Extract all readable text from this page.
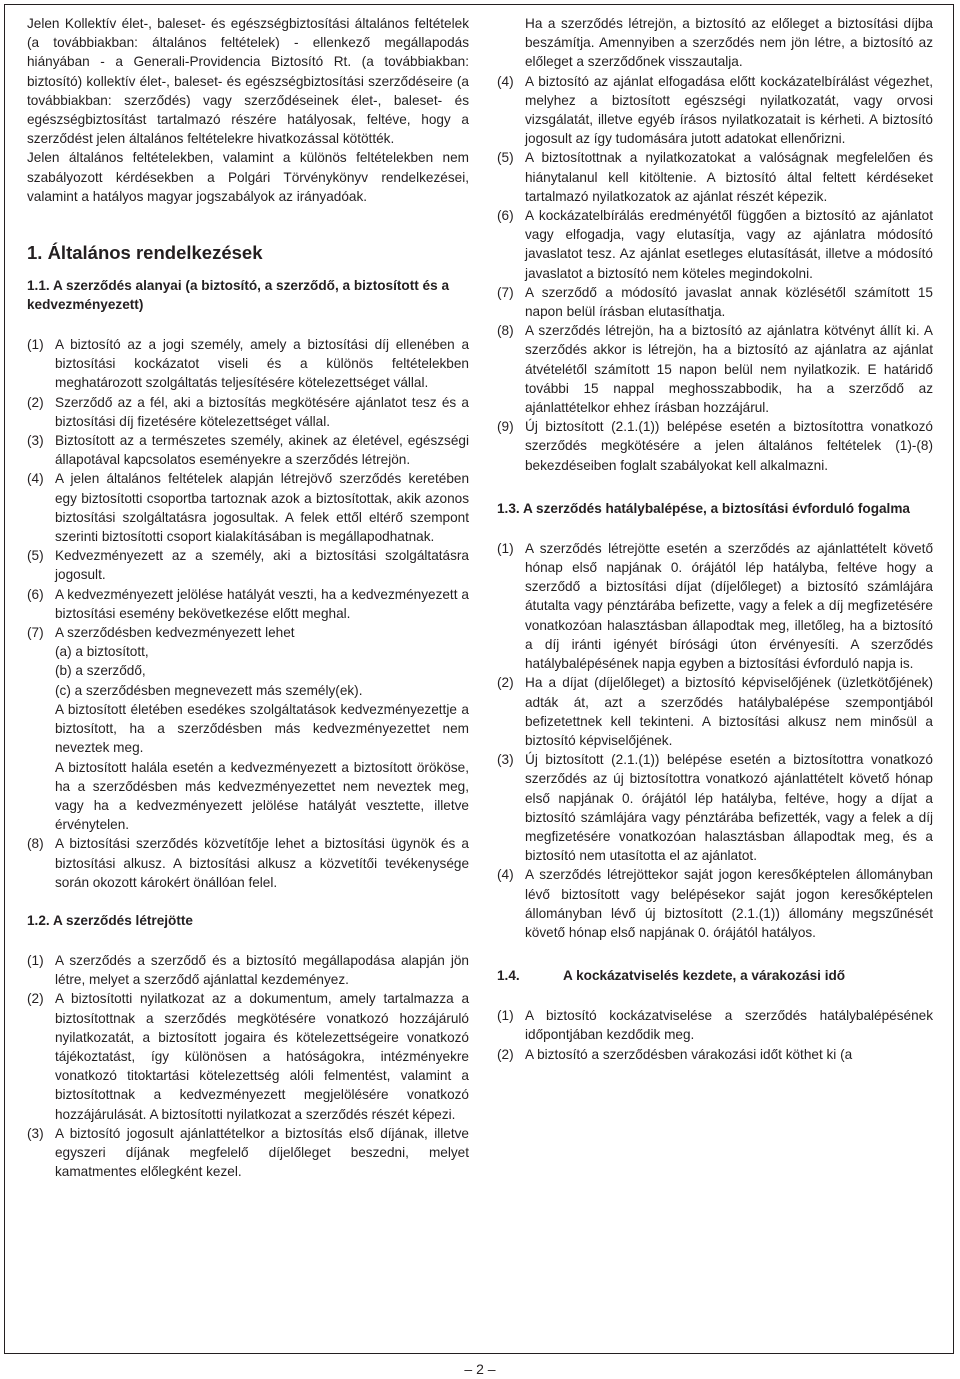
Jelen Kollektív élet-, baleset- és egészségbiztosítási általános feltételek (a továbbiakban: általános feltételek) - ellenkező megállapodás hiányában - a Generali-Providencia Biztosító Rt. (a továbbiakban: biztosító) kollektív élet-, baleset- és egészségbiztosítási szerződéseire (a továbbiakban: szerződés) vagy szerződéseinek élet-, baleset- és egészségbiztosítást tartalmazó részére hatályosak, feltéve, hogy a szerződést jelen általános feltételekre hivatkozással kötötték.

Jelen általános feltételekben, valamint a különös feltételekben nem szabályozott kérdésekben a Polgári Törvénykönyv rendelkezései, valamint a hatályos magyar jogszabályok az irányadóak.

1. Általános rendelkezések
1.1. A szerződés alanyai (a biztosító, a szerződő, a biztosított és a kedvezményezett)
(1) A biztosító az a jogi személy, amely a biztosítási díj ellenében a biztosítási kockázatot viseli és a különös feltételekben meghatározott szolgáltatás teljesítésére kötelezettséget vállal.
(2) Szerződő az a fél, aki a biztosítás megkötésére ajánlatot tesz és a biztosítási díj fizetésére kötelezettséget vállal.
(3) Biztosított az a természetes személy, akinek az életével, egészségi állapotával kapcsolatos eseményekre a szerződés létrejön.
(4) A jelen általános feltételek alapján létrejövő szerződés keretében egy biztosítotti csoportba tartoznak azok a biztosítottak, akik azonos biztosítási szolgáltatásra jogosultak. A felek ettől eltérő szempont szerinti biztosítotti csoport kialakításában is megállapodhatnak.
(5) Kedvezményezett az a személy, aki a biztosítási szolgáltatásra jogosult.
(6) A kedvezményezett jelölése hatályát veszti, ha a kedvezményezett a biztosítási esemény bekövetkezése előtt meghal.
(7) A szerződésben kedvezményezett lehet

(a) a biztosított,

(b) a szerződő,

(c) a szerződésben megnevezett más személy(ek).

A biztosított életében esedékes szolgáltatások kedvezményezettje a biztosított, ha a szerződésben más kedvezményezettet nem neveztek meg.

A biztosított halála esetén a kedvezményezett a biztosított örököse, ha a szerződésben más kedvezményezettet nem neveztek meg, vagy ha a kedvezményezett jelölése hatályát vesztette, illetve érvénytelen.

(8) A biztosítási szerződés közvetítője lehet a biztosítási ügynök és a biztosítási alkusz. A biztosítási alkusz a közvetítői tevékenysége során okozott károkért önállóan felel.
1.2. A szerződés létrejötte
(1) A szerződés a szerződő és a biztosító megállapodása alapján jön létre, melyet a szerződő ajánlattal kezdeményez.
(2) A biztosítotti nyilatkozat az a dokumentum, amely tartalmazza a biztosítottnak a szerződés megkötésére vonatkozó hozzájáruló nyilatkozatát, a biztosított jogaira és kötelezettségeire vonatkozó tájékoztatást, így különösen a hatóságokra, intézményekre vonatkozó titoktartási kötelezettség alóli felmentést, valamint a biztosítottnak a kedvezményezett megjelölésére vonatkozó hozzájárulását. A biztosítotti nyilatkozat a szerződés részét képezi.
(3) A biztosító jogosult ajánlattételkor a biztosítás első díjának, illetve egyszeri díjának megfelelő díjelőleget beszedni, melyet kamatmentes előlegként kezel.

Ha a szerződés létrejön, a biztosító az előleget a biztosítási díjba beszámítja. Amennyiben a szerződés nem jön létre, a biztosító az előleget a szerződőnek visszautalja.

(4) A biztosító az ajánlat elfogadása előtt kockázatelbírálást végezhet, melyhez a biztosított egészségi nyilatkozatát, vagy orvosi vizsgálatát, illetve egyéb írásos nyilatkozatait is kérheti. A biztosító jogosult az így tudomására jutott adatokat ellenőrizni.
(5) A biztosítottnak a nyilatkozatokat a valóságnak megfelelően és hiánytalanul kell kitöltenie. A biztosító által feltett kérdéseket tartalmazó nyilatkozatok az ajánlat részét képezik.
(6) A kockázatelbírálás eredményétől függően a biztosító az ajánlatot vagy elfogadja, vagy elutasítja, vagy az ajánlatra módosító javaslatot tesz. Az ajánlat esetleges elutasítását, illetve a módosító javaslatot a biztosító nem köteles megindokolni.
(7) A szerződő a módosító javaslat annak közlésétől számított 15 napon belül írásban elutasíthatja.
(8) A szerződés létrejön, ha a biztosító az ajánlatra kötvényt állít ki. A szerződés akkor is létrejön, ha a biztosító az ajánlatra az ajánlat átvételétől számított 15 napon belül nem nyilatkozik. E határidő további 15 nappal meghosszabbodik, ha a szerződő az ajánlattételkor ehhez írásban hozzájárul.
(9) Új biztosított (2.1.(1)) belépése esetén a biztosítottra vonatkozó szerződés megkötésére a jelen általános feltételek (1)-(8) bekezdéseiben foglalt szabályokat kell alkalmazni.
1.3. A szerződés hatálybalépése, a biztosítási évforduló fogalma
(1) A szerződés létrejötte esetén a szerződés az ajánlattételt követő hónap első napjának 0. órájától lép hatályba, feltéve hogy a szerződő a biztosítási díjat (díjelőleget) a biztosító számlájára átutalta vagy pénztárába befizette, vagy a felek a díj megfizetésére vonatkozóan halasztásban állapodtak meg, illetőleg, ha a biztosító a díj iránti igényét bírósági úton érvényesíti. A szerződés hatálybalépésének napja egyben a biztosítási évforduló napja is.
(2) Ha a díjat (díjelőleget) a biztosító képviselőjének (üzletkötőjének) adták át, azt a szerződés hatálybalépése szempontjából befizetettnek kell tekinteni. A biztosítási alkusz nem minősül a biztosító képviselőjének.
(3) Új biztosított (2.1.(1)) belépése esetén a biztosítottra vonatkozó szerződés az új biztosítottra vonatkozó ajánlattételt követő hónap első napjának 0. órájától lép hatályba, feltéve, hogy a díjat a biztosító számlájára vagy pénztárába befizették, vagy a felek a díj megfizetésére vonatkozóan halasztásban állapodtak meg, és a biztosító nem utasította el az ajánlatot.
(4) A szerződés létrejöttekor saját jogon keresőképtelen állományban lévő biztosított vagy belépésekor saját jogon keresőképtelen állományban lévő új biztosított (2.1.(1)) állomány megszűnését követő hónap első napjának 0. órájától hatályos.
1.4.	A kockázatviselés kezdete, a várakozási idő
(1) A biztosító kockázatviselése a szerződés hatálybalépésének időpontjában kezdődik meg.
(2) A biztosító a szerződésben várakozási időt köthet ki (a
– 2 –
